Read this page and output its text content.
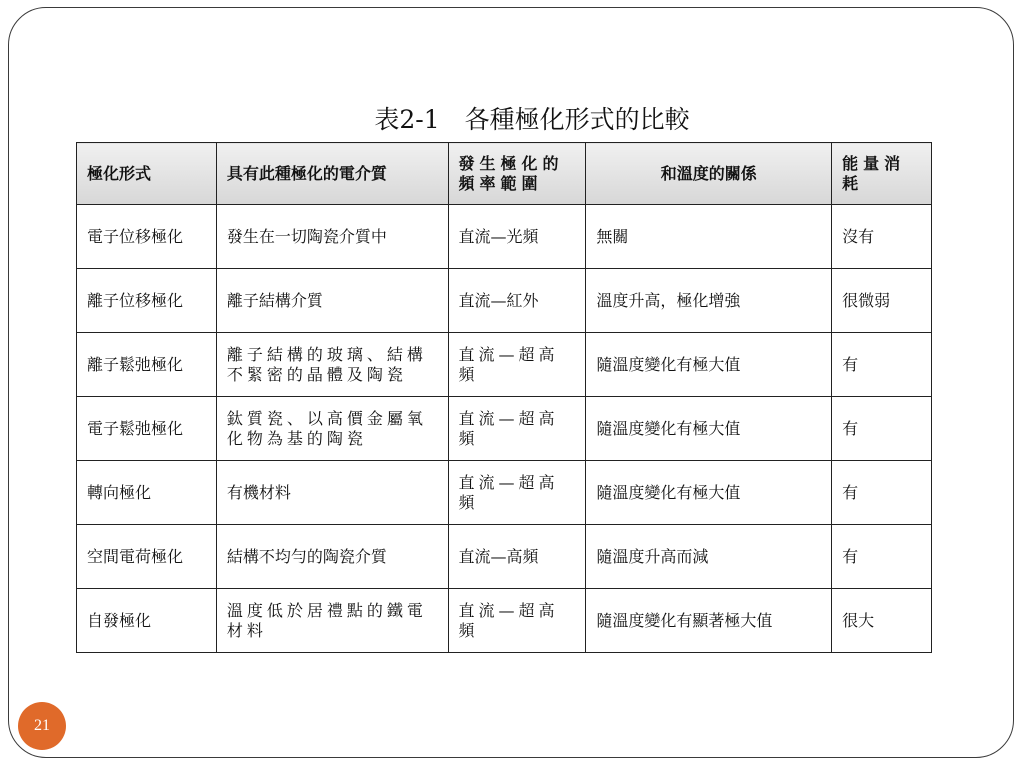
表2-1　各種極化形式的比較
極化形式	具有此種極化的電介質	發生極化的頻率範圍	和溫度的關係	能量消耗
電子位移極化	發生在一切陶瓷介質中	直流—光頻	無關	沒有
離子位移極化	離子結構介質	直流—紅外	溫度升高，極化增強	很微弱
離子鬆弛極化	離子結構的玻璃、結構不緊密的晶體及陶瓷	直流—超高頻	隨溫度變化有極大值	有
電子鬆弛極化	鈦質瓷、以高價金屬氧化物為基的陶瓷	直流—超高頻	隨溫度變化有極大值	有
轉向極化	有機材料	直流—超高頻	隨溫度變化有極大值	有
空間電荷極化	結構不均勻的陶瓷介質	直流—高頻	隨溫度升高而減	有
自發極化	溫度低於居禮點的鐵電材料	直流—超高頻	隨溫度變化有顯著極大值	很大
21
